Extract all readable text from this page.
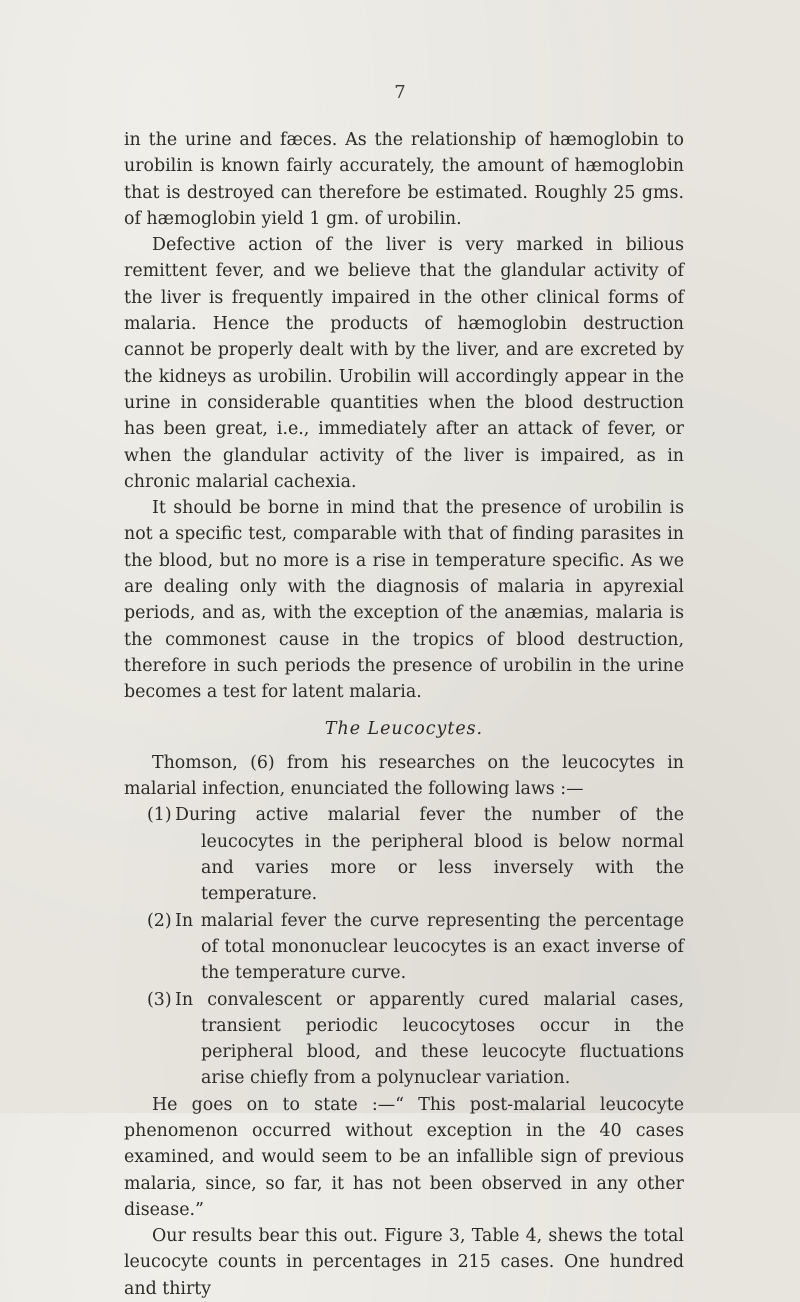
7

in the urine and fæces. As the relationship of hæmoglobin to urobilin is known fairly accurately, the amount of hæmoglobin that is destroyed can therefore be estimated. Roughly 25 gms. of hæmoglobin yield 1 gm. of urobilin.

Defective action of the liver is very marked in bilious remittent fever, and we believe that the glandular activity of the liver is frequently impaired in the other clinical forms of malaria. Hence the products of hæmoglobin destruction cannot be properly dealt with by the liver, and are excreted by the kidneys as urobilin. Urobilin will accordingly appear in the urine in considerable quantities when the blood destruction has been great, i.e., immediately after an attack of fever, or when the glandular activity of the liver is impaired, as in chronic malarial cachexia.

It should be borne in mind that the presence of urobilin is not a specific test, comparable with that of finding parasites in the blood, but no more is a rise in temperature specific. As we are dealing only with the diagnosis of malaria in apyrexial periods, and as, with the exception of the anæmias, malaria is the commonest cause in the tropics of blood destruction, therefore in such periods the presence of urobilin in the urine becomes a test for latent malaria.

The Leucocytes.

Thomson, (6) from his researches on the leucocytes in malarial infection, enunciated the following laws :—

(1) During active malarial fever the number of the leucocytes in the peripheral blood is below normal and varies more or less inversely with the temperature.

(2) In malarial fever the curve representing the percentage of total mononuclear leucocytes is an exact inverse of the temperature curve.

(3) In convalescent or apparently cured malarial cases, transient periodic leucocytoses occur in the peripheral blood, and these leucocyte fluctuations arise chiefly from a polynuclear variation.

He goes on to state :—“ This post-malarial leucocyte phenomenon occurred without exception in the 40 cases examined, and would seem to be an infallible sign of previous malaria, since, so far, it has not been observed in any other disease.”

Our results bear this out. Figure 3, Table 4, shews the total leucocyte counts in percentages in 215 cases. One hundred and thirty
